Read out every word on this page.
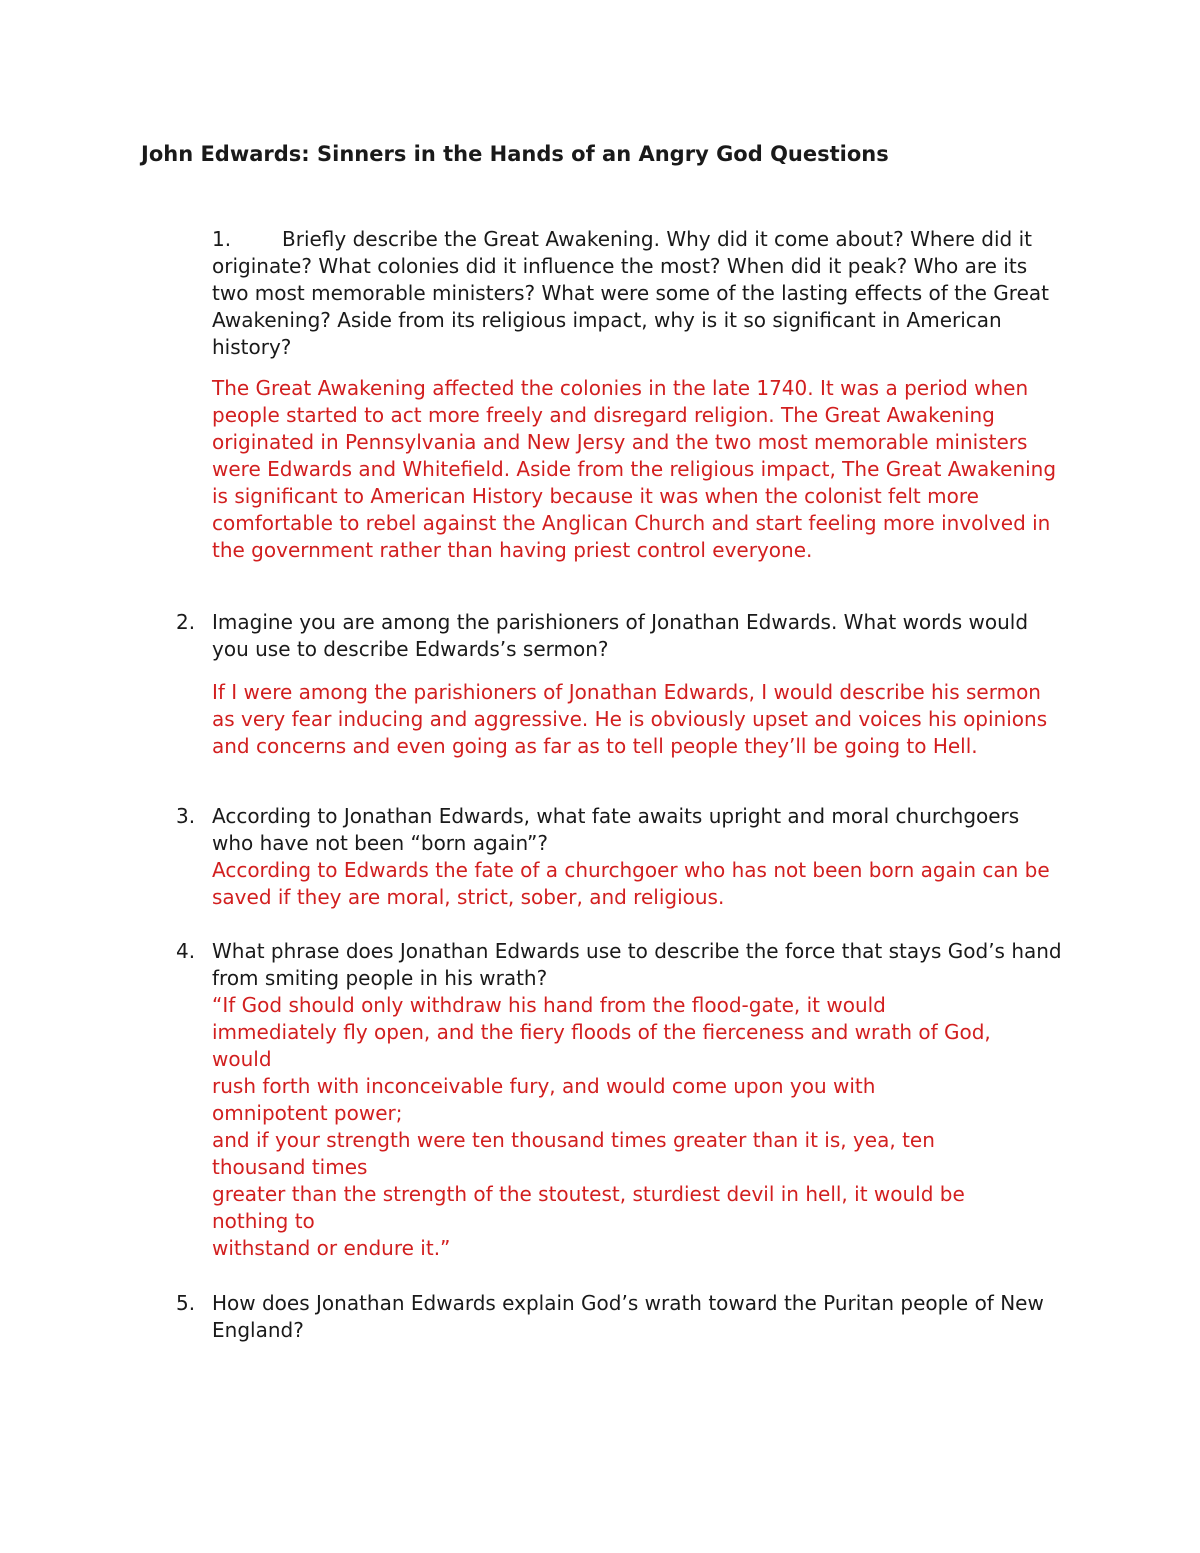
John Edwards: Sinners in the Hands of an Angry God Questions
1.	Briefly describe the Great Awakening. Why did it come about? Where did it originate? What colonies did it influence the most? When did it peak? Who are its two most memorable ministers? What were some of the lasting effects of the Great Awakening? Aside from its religious impact, why is it so significant in American history?
The Great Awakening affected the colonies in the late 1740. It was a period when people started to act more freely and disregard religion. The Great Awakening originated in Pennsylvania and New Jersy and the two most memorable ministers were Edwards and Whitefield. Aside from the religious impact, The Great Awakening is significant to American History because it was when the colonist felt more comfortable to rebel against the Anglican Church and start feeling more involved in the government rather than having priest control everyone.
2. Imagine you are among the parishioners of Jonathan Edwards. What words would you use to describe Edwards’s sermon?
If I were among the parishioners of Jonathan Edwards, I would describe his sermon as very fear inducing and aggressive. He is obviously upset and voices his opinions and concerns and even going as far as to tell people they’ll be going to Hell.
3. According to Jonathan Edwards, what fate awaits upright and moral churchgoers who have not been “born again”?
According to Edwards the fate of a churchgoer who has not been born again can be saved if they are moral, strict, sober, and religious.
4. What phrase does Jonathan Edwards use to describe the force that stays God’s hand from smiting people in his wrath?
“If God should only withdraw his hand from the flood-gate, it would
immediately fly open, and the fiery floods of the fierceness and wrath of God,
would
rush forth with inconceivable fury, and would come upon you with
omnipotent power;
and if your strength were ten thousand times greater than it is, yea, ten
thousand times
greater than the strength of the stoutest, sturdiest devil in hell, it would be
nothing to
withstand or endure it.”
5. How does Jonathan Edwards explain God’s wrath toward the Puritan people of New England?
